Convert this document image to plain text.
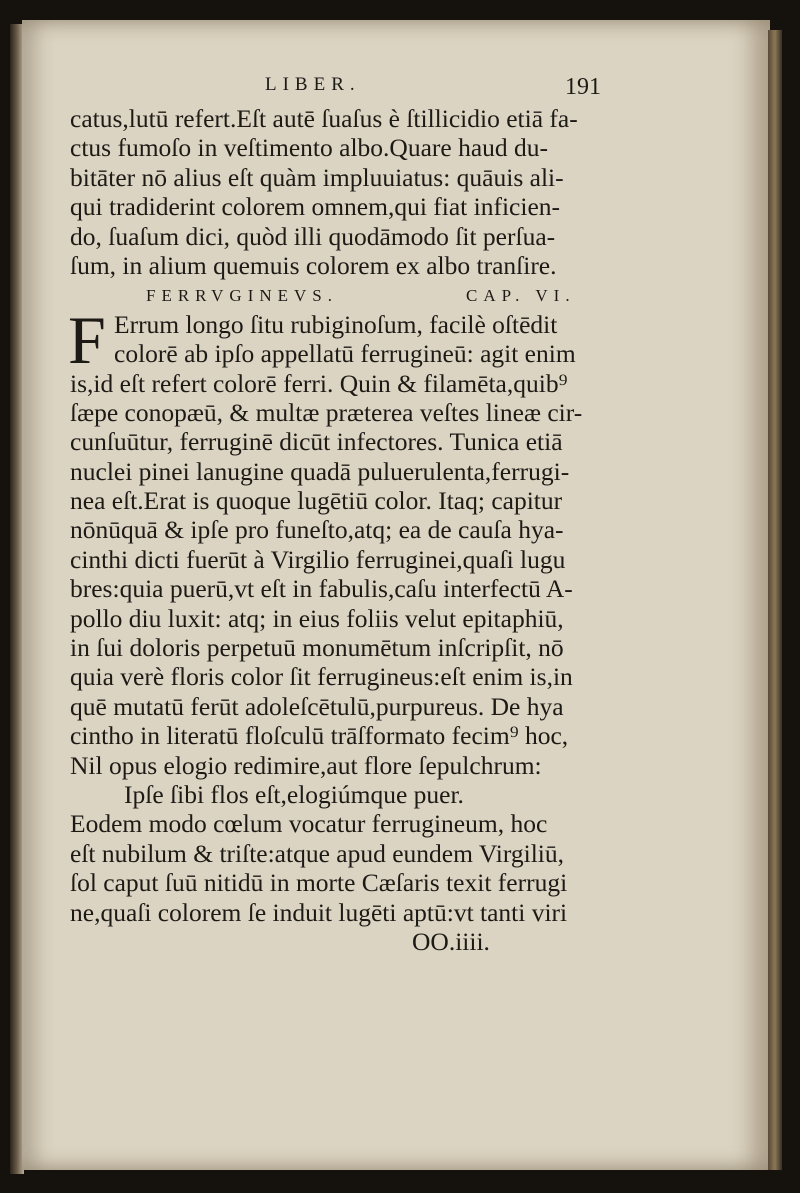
LIBER.	191
catus,lutū refert.Eſt autē ſuaſus è ſtillicidio etiā fa-
ctus fumoſo in veſtimento albo.Quare haud du-
bitāter nō alius eſt quàm impluuiatus: quāuis ali-
qui tradiderint colorem omnem,qui fiat inficien-
do, ſuaſum dici, quòd illi quodāmodo ſit perſua-
ſum, in alium quemuis colorem ex albo tranſire.
FERRVGINEVS.	CAP. VI.
F Errum longo ſitu rubiginoſum, facilè oſtēdit
colorē ab ipſo appellatū ferrugineū: agit enim
is,id eſt refert colorē ferri. Quin & filamēta,quib⁹
ſæpe conopæū, & multæ præterea veſtes lineæ cir-
cunſuūtur, ferruginē dicūt infectores. Tunica etiā
nuclei pinei lanugine quadā puluerulenta,ferrugi-
nea eſt.Erat is quoque lugētiū color. Itaq; capitur
nōnūquā & ipſe pro funeſto,atq; ea de cauſa hya-
cinthi dicti fuerūt à Virgilio ferruginei,quaſi lugu
bres:quia puerū,vt eſt in fabulis,caſu interfectū A-
pollo diu luxit: atq; in eius foliis velut epitaphiū,
in ſui doloris perpetuū monumētum inſcripſit, nō
quia verè floris color ſit ferrugineus:eſt enim is,in
quē mutatū ferūt adoleſcētulū,purpureus. De hya
cintho in literatū floſculū trāſformato fecim⁹ hoc,
Nil opus elogio redimire,aut flore ſepulchrum:
Ipſe ſibi flos eſt,elogiúmque puer.
Eodem modo cœlum vocatur ferrugineum, hoc
eſt nubilum & triſte:atque apud eundem Virgiliū,
ſol caput ſuū nitidū in morte Cæſaris texit ferrugi
ne,quaſi colorem ſe induit lugēti aptū:vt tanti viri
OO.iiii.
